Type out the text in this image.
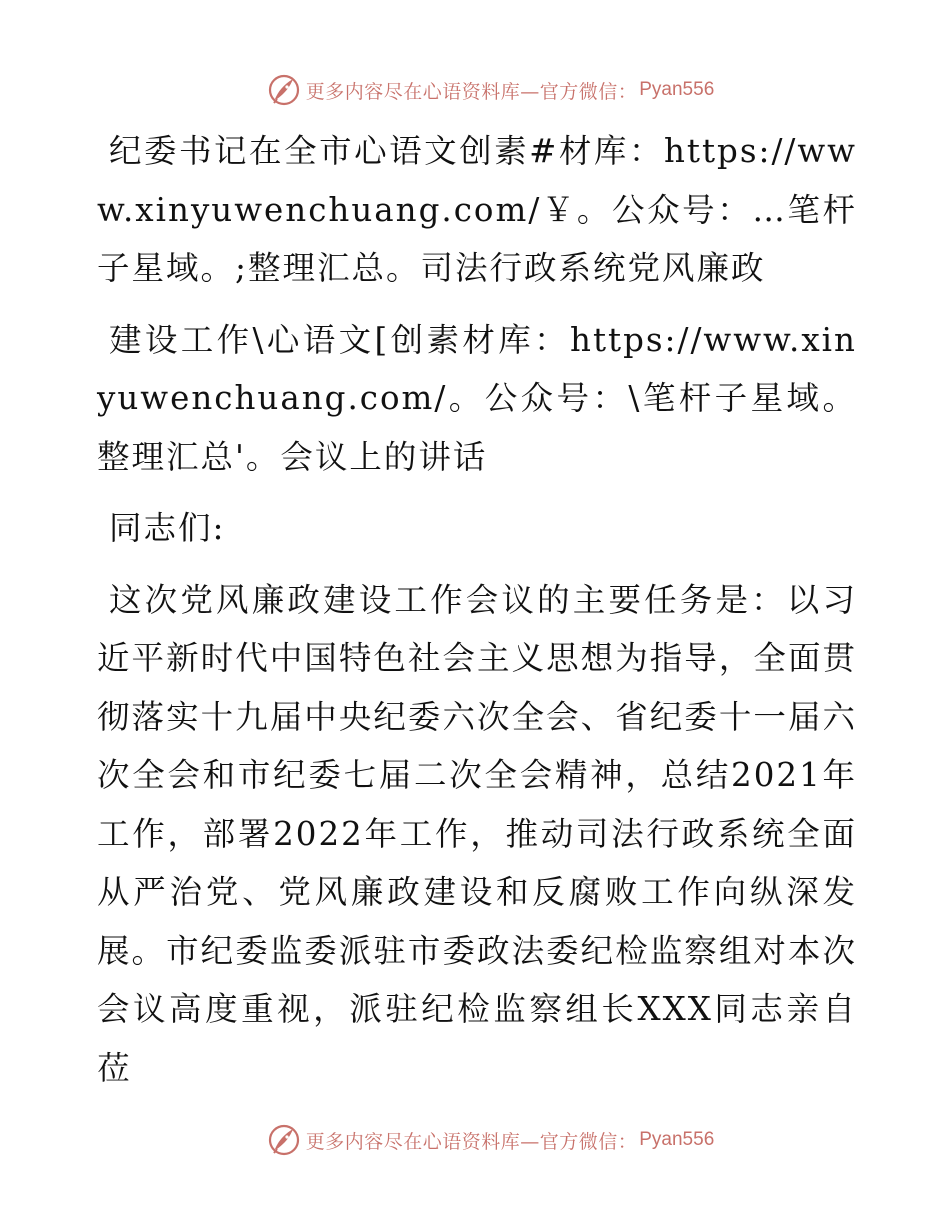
更多内容尽在心语资料库—官方微信： Pyan556

纪委书记在全市心语文创素#材库：https://www.xinyuwenchuang.com/￥。公众号：…笔杆子星域。;整理汇总。司法行政系统党风廉政

建设工作\心语文[创素材库：https://www.xinyuwenchuang.com/。公众号：\笔杆子星域。整理汇总'。会议上的讲话

同志们:

这次党风廉政建设工作会议的主要任务是：以习近平新时代中国特色社会主义思想为指导，全面贯彻落实十九届中央纪委六次全会、省纪委十一届六次全会和市纪委七届二次全会精神，总结2021年工作，部署2022年工作，推动司法行政系统全面从严治党、党风廉政建设和反腐败工作向纵深发展。市纪委监委派驻市委政法委纪检监察组对本次会议高度重视，派驻纪检监察组长XXX同志亲自莅

更多内容尽在心语资料库—官方微信： Pyan556
